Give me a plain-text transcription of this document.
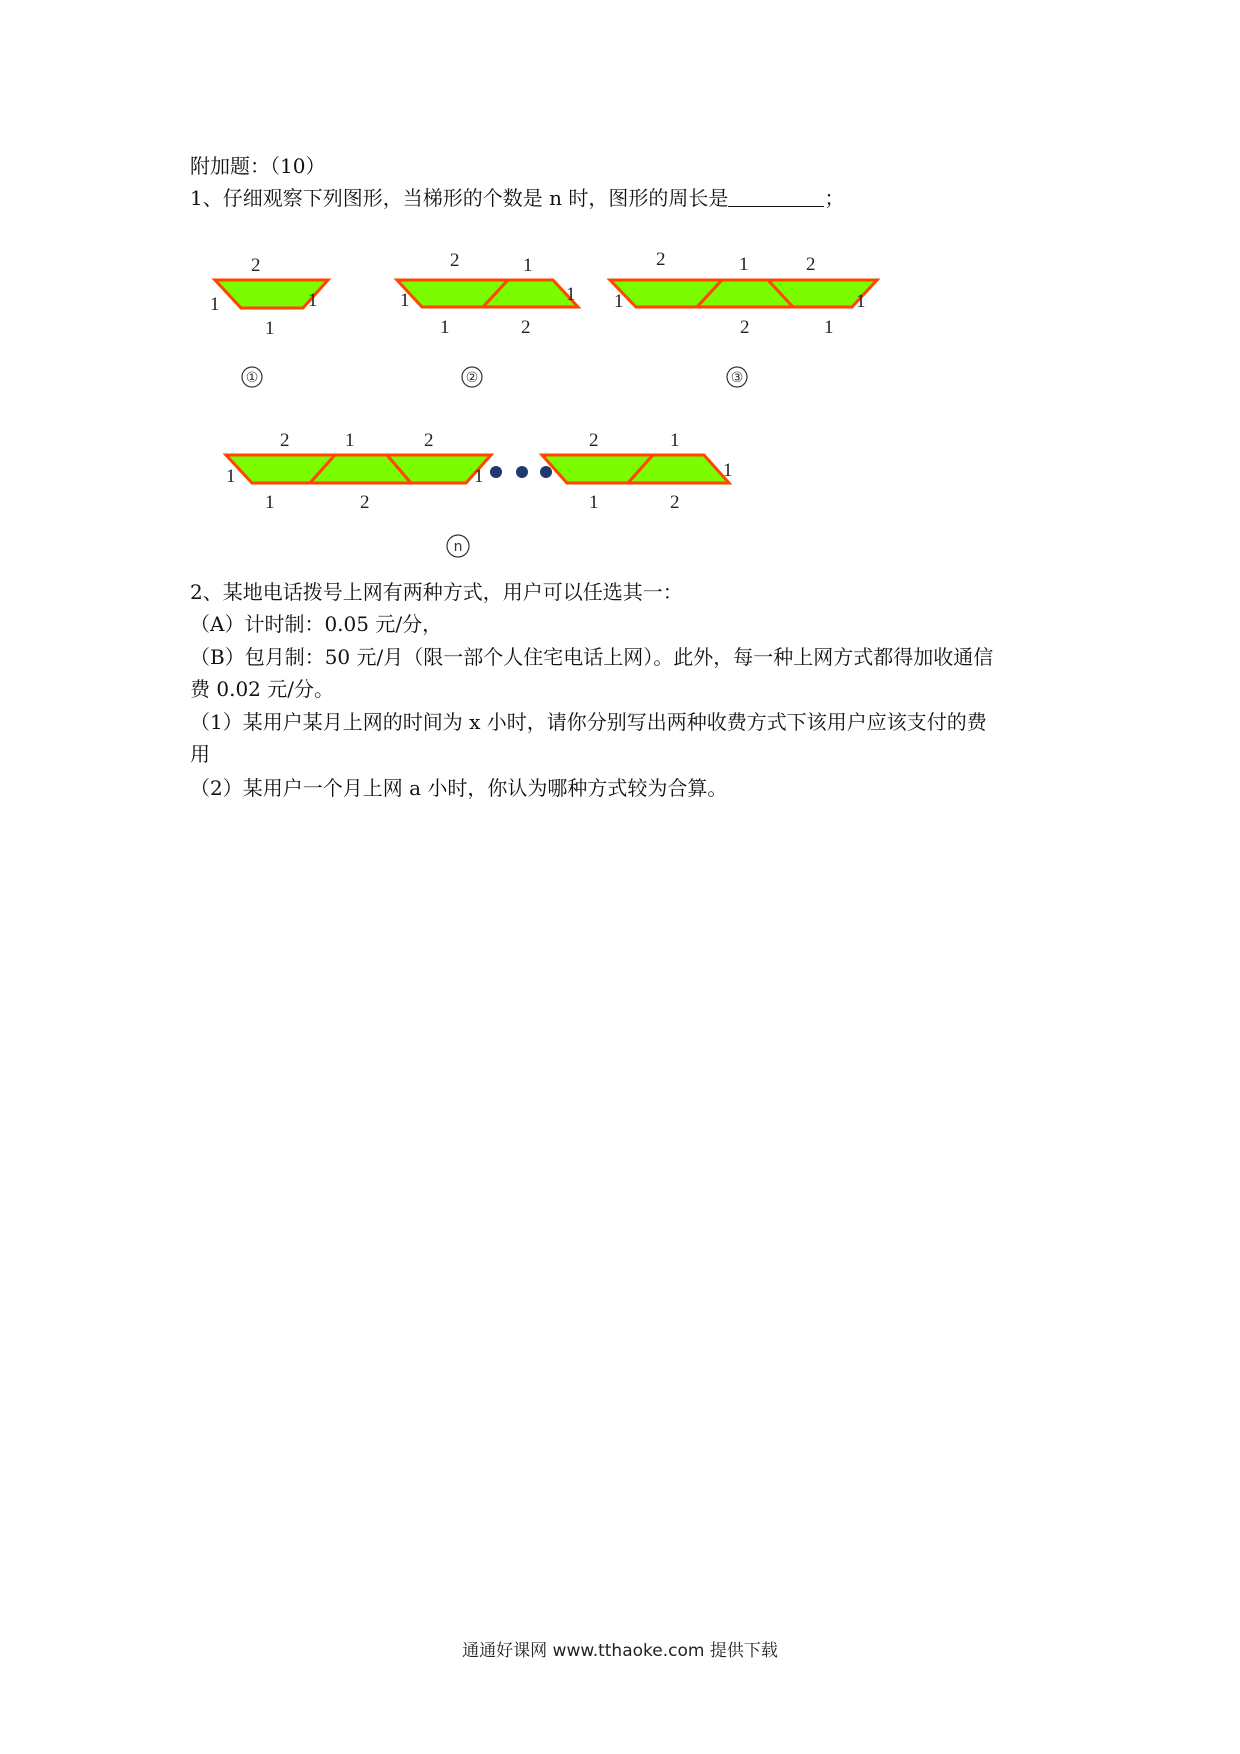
附加题：（10）
1、仔细观察下列图形，当梯形的个数是 n 时，图形的周长是	；
2
1	1
1
①
2	1
1	1
1	2
②
2	1	2
1	1
2	1
③
2	1	2	2	1
1	1	1
1	2	1	2
n
2、某地电话拨号上网有两种方式，用户可以任选其一：
（A）计时制：0.05 元/分，
（B）包月制：50 元/月（限一部个人住宅电话上网）。此外，每一种上网方式都得加收通信
费 0.02 元/分。
（1）某用户某月上网的时间为 x 小时，请你分别写出两种收费方式下该用户应该支付的费
用
（2）某用户一个月上网 a 小时，你认为哪种方式较为合算。
通通好课网 www.tthaoke.com 提供下载
